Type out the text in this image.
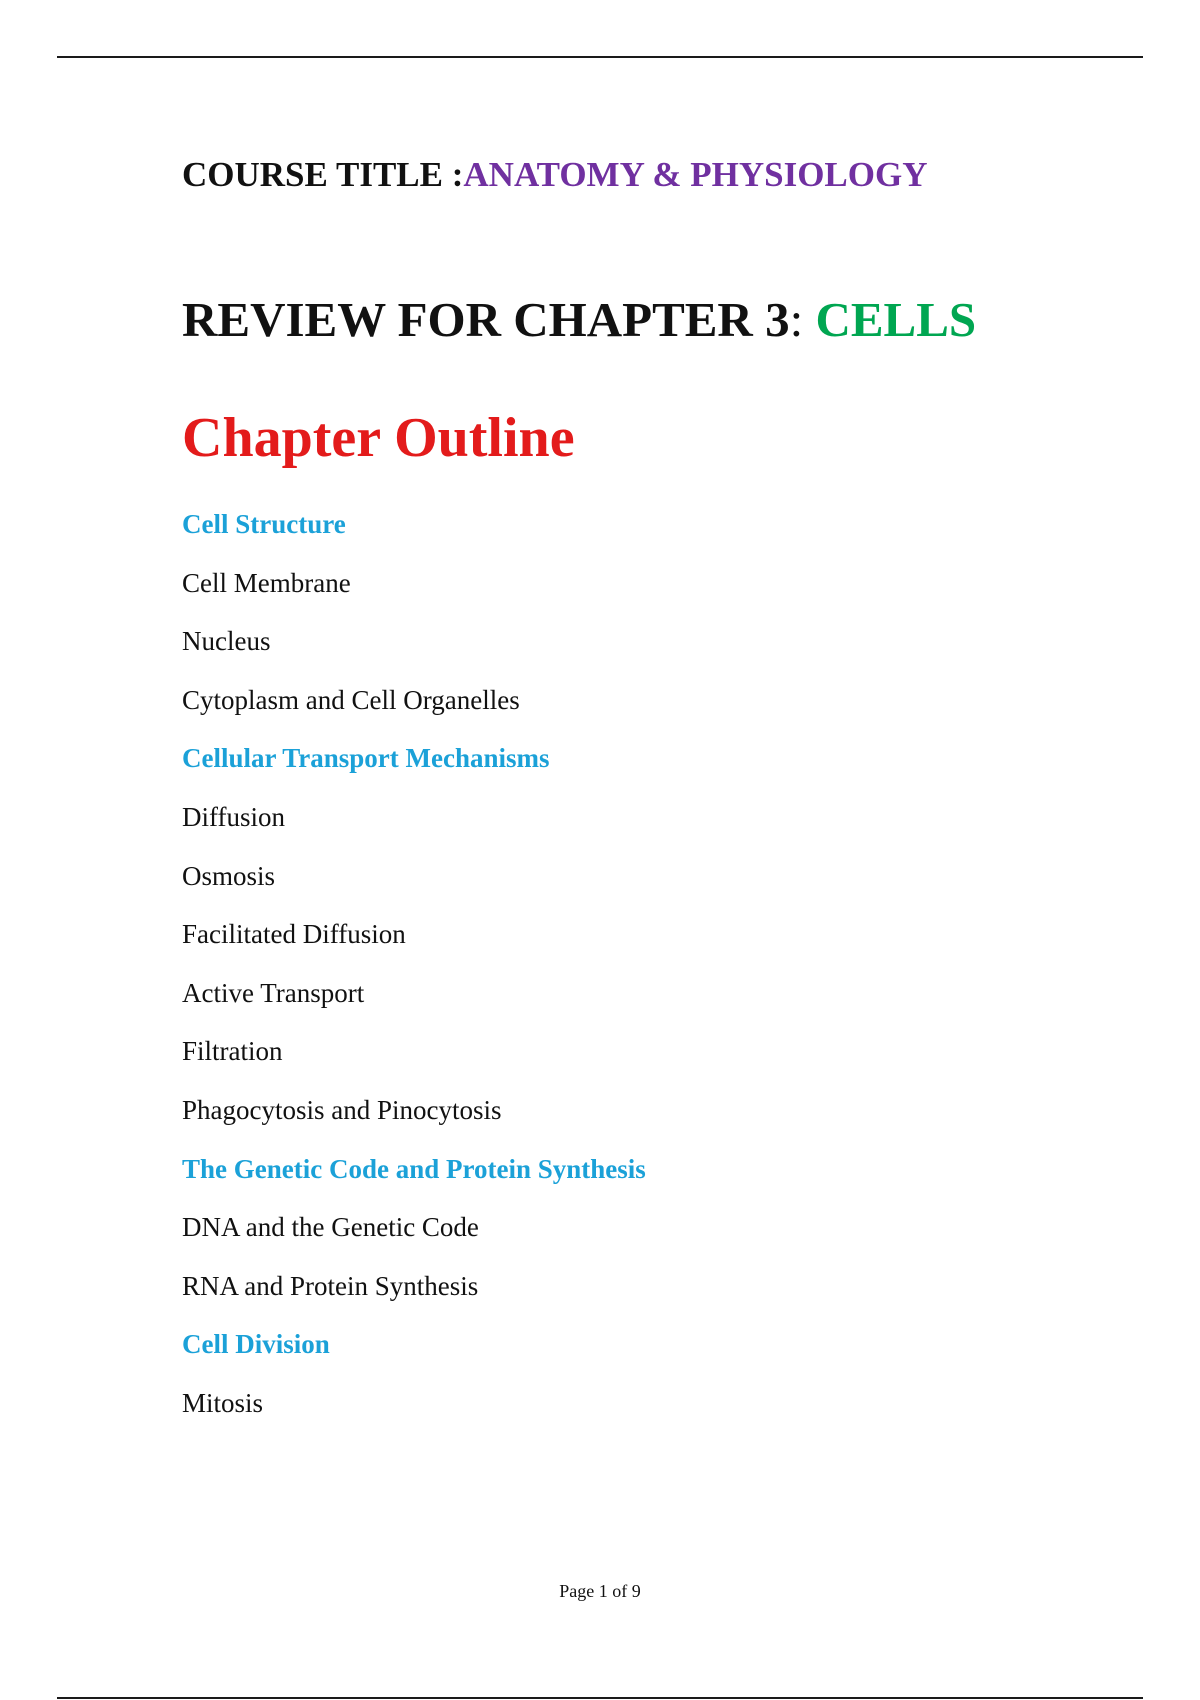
COURSE TITLE :ANATOMY & PHYSIOLOGY
REVIEW FOR CHAPTER 3: CELLS
Chapter Outline
Cell Structure
Cell Membrane
Nucleus
Cytoplasm and Cell Organelles
Cellular Transport Mechanisms
Diffusion
Osmosis
Facilitated Diffusion
Active Transport
Filtration
Phagocytosis and Pinocytosis
The Genetic Code and Protein Synthesis
DNA and the Genetic Code
RNA and Protein Synthesis
Cell Division
Mitosis
Page 1 of 9
